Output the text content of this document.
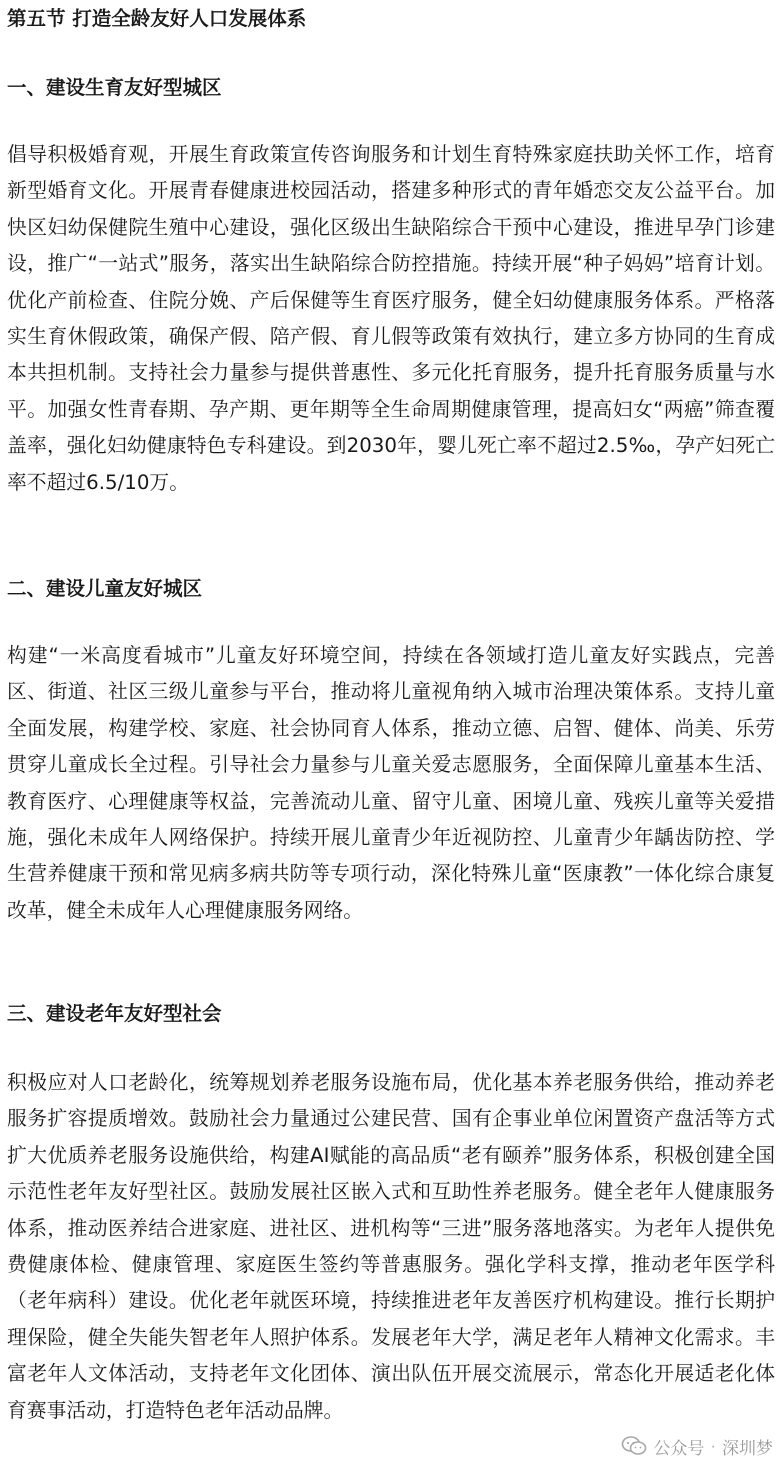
第五节 打造全龄友好人口发展体系
一、建设生育友好型城区

倡导积极婚育观，开展生育政策宣传咨询服务和计划生育特殊家庭扶助关怀工作，培育新型婚育文化。开展青春健康进校园活动，搭建多种形式的青年婚恋交友公益平台。加快区妇幼保健院生殖中心建设，强化区级出生缺陷综合干预中心建设，推进早孕门诊建设，推广“一站式”服务，落实出生缺陷综合防控措施。持续开展“种子妈妈”培育计划。优化产前检查、住院分娩、产后保健等生育医疗服务，健全妇幼健康服务体系。严格落实生育休假政策，确保产假、陪产假、育儿假等政策有效执行，建立多方协同的生育成本共担机制。支持社会力量参与提供普惠性、多元化托育服务，提升托育服务质量与水平。加强女性青春期、孕产期、更年期等全生命周期健康管理，提高妇女“两癌”筛查覆盖率，强化妇幼健康特色专科建设。到2030年，婴儿死亡率不超过2.5‰，孕产妇死亡率不超过6.5/10万。

二、建设儿童友好城区

构建“一米高度看城市”儿童友好环境空间，持续在各领域打造儿童友好实践点，完善区、街道、社区三级儿童参与平台，推动将儿童视角纳入城市治理决策体系。支持儿童全面发展，构建学校、家庭、社会协同育人体系，推动立德、启智、健体、尚美、乐劳贯穿儿童成长全过程。引导社会力量参与儿童关爱志愿服务，全面保障儿童基本生活、教育医疗、心理健康等权益，完善流动儿童、留守儿童、困境儿童、残疾儿童等关爱措施，强化未成年人网络保护。持续开展儿童青少年近视防控、儿童青少年龋齿防控、学生营养健康干预和常见病多病共防等专项行动，深化特殊儿童“医康教”一体化综合康复改革，健全未成年人心理健康服务网络。

三、建设老年友好型社会

积极应对人口老龄化，统筹规划养老服务设施布局，优化基本养老服务供给，推动养老服务扩容提质增效。鼓励社会力量通过公建民营、国有企事业单位闲置资产盘活等方式扩大优质养老服务设施供给，构建AI赋能的高品质“老有颐养”服务体系，积极创建全国示范性老年友好型社区。鼓励发展社区嵌入式和互助性养老服务。健全老年人健康服务体系，推动医养结合进家庭、进社区、进机构等“三进”服务落地落实。为老年人提供免费健康体检、健康管理、家庭医生签约等普惠服务。强化学科支撑，推动老年医学科（老年病科）建设。优化老年就医环境，持续推进老年友善医疗机构建设。推行长期护理保险，健全失能失智老年人照护体系。发展老年大学，满足老年人精神文化需求。丰富老年人文体活动，支持老年文化团体、演出队伍开展交流展示，常态化开展适老化体育赛事活动，打造特色老年活动品牌。

公众号 · 深圳梦
